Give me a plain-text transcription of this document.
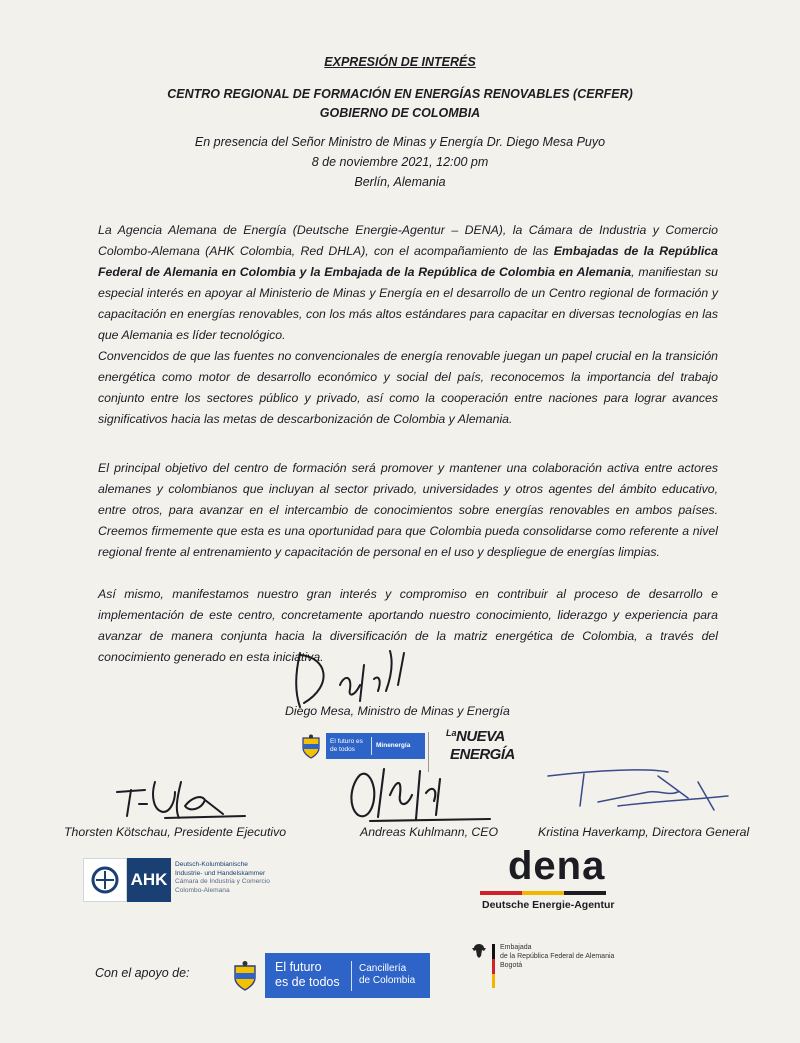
EXPRESIÓN DE INTERÉS
CENTRO REGIONAL DE FORMACIÓN EN ENERGÍAS RENOVABLES (CERFER)
GOBIERNO DE COLOMBIA
En presencia del Señor Ministro de Minas y Energía Dr. Diego Mesa Puyo
8 de noviembre 2021, 12:00 pm
Berlín, Alemania

La Agencia Alemana de Energía (Deutsche Energie-Agentur – DENA), la Cámara de Industria y Comercio Colombo-Alemana (AHK Colombia, Red DHLA), con el acompañamiento de las Embajadas de la República Federal de Alemania en Colombia y la Embajada de la República de Colombia en Alemania, manifiestan su especial interés en apoyar al Ministerio de Minas y Energía en el desarrollo de un Centro regional de formación y capacitación en energías renovables, con los más altos estándares para capacitar en diversas tecnologías en las que Alemania es líder tecnológico.

Convencidos de que las fuentes no convencionales de energía renovable juegan un papel crucial en la transición energética como motor de desarrollo económico y social del país, reconocemos la importancia del trabajo conjunto entre los sectores público y privado, así como la cooperación entre naciones para lograr avances significativos hacia las metas de descarbonización de Colombia y Alemania.

El principal objetivo del centro de formación será promover y mantener una colaboración activa entre actores alemanes y colombianos que incluyan al sector privado, universidades y otros agentes del ámbito educativo, entre otros, para avanzar en el intercambio de conocimientos sobre energías renovables en ambos países. Creemos firmemente que esta es una oportunidad para que Colombia pueda consolidarse como referente a nivel regional frente al entrenamiento y capacitación de personal en el uso y despliegue de energías limpias.

Así mismo, manifestamos nuestro gran interés y compromiso en contribuir al proceso de desarrollo e implementación de este centro, concretamente aportando nuestro conocimiento, liderazgo y experiencia para avanzar de manera conjunta hacia la diversificación de la matriz energética de Colombia, a través del conocimiento generado en esta iniciativa.

Diego Mesa, Ministro de Minas y Energía
El futuro es de todos
Minenergía
La NUEVA
ENERGÍA
Thorsten Kötschau, Presidente Ejecutivo	Andreas Kuhlmann, CEO	Kristina Haverkamp, Directora General
AHK
Deutsch-Kolumbianische
Industrie- und Handelskammer
Cámara de Industria y Comercio
Colombo-Alemana
dena
Deutsche Energie-Agentur
Con el apoyo de:	El futuro
es de todos
Cancillería
de Colombia
Embajada
de la República Federal de Alemania
Bogotá
